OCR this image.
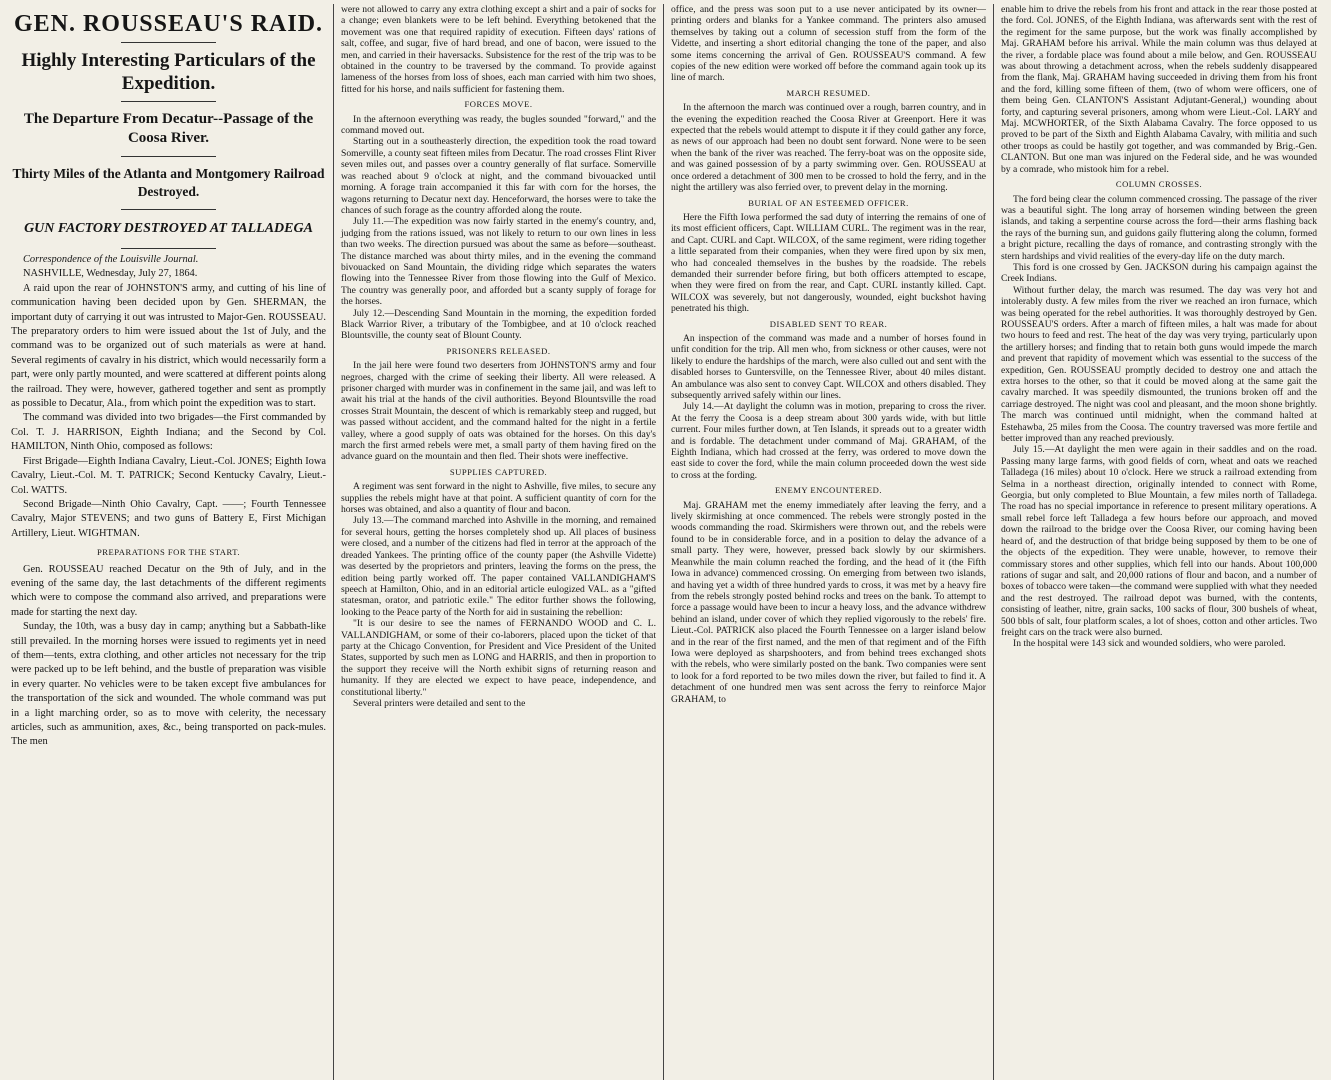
GEN. ROUSSEAU'S RAID.
Highly Interesting Particulars of the Expedition.
The Departure From Decatur--Passage of the Coosa River.
Thirty Miles of the Atlanta and Montgomery Railroad Destroyed.
GUN FACTORY DESTROYED AT TALLADEGA

Correspondence of the Louisville Journal.

NASHVILLE, Wednesday, July 27, 1864.

A raid upon the rear of JOHNSTON'S army, and cutting of his line of communication having been decided upon by Gen. SHERMAN, the important duty of carrying it out was intrusted to Major-Gen. ROUSSEAU. The preparatory orders to him were issued about the 1st of July, and the command was to be organized out of such materials as were at hand. Several regiments of cavalry in his district, which would necessarily form a part, were only partly mounted, and were scattered at different points along the railroad. They were, however, gathered together and sent as promptly as possible to Decatur, Ala., from which point the expedition was to start.

The command was divided into two brigades—the First commanded by Col. T. J. HARRISON, Eighth Indiana; and the Second by Col. HAMILTON, Ninth Ohio, composed as follows:

First Brigade—Eighth Indiana Cavalry, Lieut.-Col. JONES; Eighth Iowa Cavalry, Lieut.-Col. M. T. PATRICK; Second Kentucky Cavalry, Lieut.-Col. WATTS.

Second Brigade—Ninth Ohio Cavalry, Capt. ——; Fourth Tennessee Cavalry, Major STEVENS; and two guns of Battery E, First Michigan Artillery, Lieut. WIGHTMAN.

PREPARATIONS FOR THE START.

Gen. ROUSSEAU reached Decatur on the 9th of July, and in the evening of the same day, the last detachments of the different regiments which were to compose the command also arrived, and preparations were made for starting the next day.

Sunday, the 10th, was a busy day in camp; anything but a Sabbath-like still prevailed. In the morning horses were issued to regiments yet in need of them—tents, extra clothing, and other articles not necessary for the trip were packed up to be left behind, and the bustle of preparation was visible in every quarter. No vehicles were to be taken except five ambulances for the transportation of the sick and wounded. The whole command was put in a light marching order, so as to move with celerity, the necessary articles, such as ammunition, axes, &c., being transported on pack-mules. The men

were not allowed to carry any extra clothing except a shirt and a pair of socks for a change; even blankets were to be left behind. Everything betokened that the movement was one that required rapidity of execution. Fifteen days' rations of salt, coffee, and sugar, five of hard bread, and one of bacon, were issued to the men, and carried in their haversacks. Subsistence for the rest of the trip was to be obtained in the country to be traversed by the command. To provide against lameness of the horses from loss of shoes, each man carried with him two shoes, fitted for his horse, and nails sufficient for fastening them.

FORCES MOVE.

In the afternoon everything was ready, the bugles sounded "forward," and the command moved out.

Starting out in a southeasterly direction, the expedition took the road toward Somerville, a county seat fifteen miles from Decatur. The road crosses Flint River seven miles out, and passes over a country generally of flat surface. Somerville was reached about 9 o'clock at night, and the command bivouacked until morning. A forage train accompanied it this far with corn for the horses, the wagons returning to Decatur next day. Henceforward, the horses were to take the chances of such forage as the country afforded along the route.

July 11.—The expedition was now fairly started in the enemy's country, and, judging from the rations issued, was not likely to return to our own lines in less than two weeks. The direction pursued was about the same as before—southeast. The distance marched was about thirty miles, and in the evening the command bivouacked on Sand Mountain, the dividing ridge which separates the waters flowing into the Tennessee River from those flowing into the Gulf of Mexico. The country was generally poor, and afforded but a scanty supply of forage for the horses.

July 12.—Descending Sand Mountain in the morning, the expedition forded Black Warrior River, a tributary of the Tombigbee, and at 10 o'clock reached Blountsville, the county seat of Blount County.

PRISONERS RELEASED.

In the jail here were found two deserters from JOHNSTON'S army and four negroes, charged with the crime of seeking their liberty. All were released. A prisoner charged with murder was in confinement in the same jail, and was left to await his trial at the hands of the civil authorities. Beyond Blountsville the road crosses Strait Mountain, the descent of which is remarkably steep and rugged, but was passed without accident, and the command halted for the night in a fertile valley, where a good supply of oats was obtained for the horses. On this day's march the first armed rebels were met, a small party of them having fired on the advance guard on the mountain and then fled. Their shots were ineffective.

SUPPLIES CAPTURED.

A regiment was sent forward in the night to Ashville, five miles, to secure any supplies the rebels might have at that point. A sufficient quantity of corn for the horses was obtained, and also a quantity of flour and bacon.

July 13.—The command marched into Ashville in the morning, and remained for several hours, getting the horses completely shod up. All places of business were closed, and a number of the citizens had fled in terror at the approach of the dreaded Yankees. The printing office of the county paper (the Ashville Vidette) was deserted by the proprietors and printers, leaving the forms on the press, the edition being partly worked off. The paper contained VALLANDIGHAM'S speech at Hamilton, Ohio, and in an editorial article eulogized VAL. as a "gifted statesman, orator, and patriotic exile." The editor further shows the following, looking to the Peace party of the North for aid in sustaining the rebellion:

"It is our desire to see the names of FERNANDO WOOD and C. L. VALLANDIGHAM, or some of their co-laborers, placed upon the ticket of that party at the Chicago Convention, for President and Vice President of the United States, supported by such men as LONG and HARRIS, and then in proportion to the support they receive will the North exhibit signs of returning reason and humanity. If they are elected we expect to have peace, independence, and constitutional liberty."

Several printers were detailed and sent to the

office, and the press was soon put to a use never anticipated by its owner—printing orders and blanks for a Yankee command. The printers also amused themselves by taking out a column of secession stuff from the form of the Vidette, and inserting a short editorial changing the tone of the paper, and also some items concerning the arrival of Gen. ROUSSEAU'S command. A few copies of the new edition were worked off before the command again took up its line of march.

MARCH RESUMED.

In the afternoon the march was continued over a rough, barren country, and in the evening the expedition reached the Coosa River at Greenport. Here it was expected that the rebels would attempt to dispute it if they could gather any force, as news of our approach had been no doubt sent forward. None were to be seen when the bank of the river was reached. The ferry-boat was on the opposite side, and was gained possession of by a party swimming over. Gen. ROUSSEAU at once ordered a detachment of 300 men to be crossed to hold the ferry, and in the night the artillery was also ferried over, to prevent delay in the morning.

BURIAL OF AN ESTEEMED OFFICER.

Here the Fifth Iowa performed the sad duty of interring the remains of one of its most efficient officers, Capt. WILLIAM CURL. The regiment was in the rear, and Capt. CURL and Capt. WILCOX, of the same regiment, were riding together a little separated from their companies, when they were fired upon by six men, who had concealed themselves in the bushes by the roadside. The rebels demanded their surrender before firing, but both officers attempted to escape, when they were fired on from the rear, and Capt. CURL instantly killed. Capt. WILCOX was severely, but not dangerously, wounded, eight buckshot having penetrated his thigh.

DISABLED SENT TO REAR.

An inspection of the command was made and a number of horses found in unfit condition for the trip. All men who, from sickness or other causes, were not likely to endure the hardships of the march, were also culled out and sent with the disabled horses to Guntersville, on the Tennessee River, about 40 miles distant. An ambulance was also sent to convey Capt. WILCOX and others disabled. They subsequently arrived safely within our lines.

July 14.—At daylight the column was in motion, preparing to cross the river. At the ferry the Coosa is a deep stream about 300 yards wide, with but little current. Four miles further down, at Ten Islands, it spreads out to a greater width and is fordable. The detachment under command of Maj. GRAHAM, of the Eighth Indiana, which had crossed at the ferry, was ordered to move down the east side to cover the ford, while the main column proceeded down the west side to cross at the fording.

ENEMY ENCOUNTERED.

Maj. GRAHAM met the enemy immediately after leaving the ferry, and a lively skirmishing at once commenced. The rebels were strongly posted in the woods commanding the road. Skirmishers were thrown out, and the rebels were found to be in considerable force, and in a position to delay the advance of a small party. They were, however, pressed back slowly by our skirmishers. Meanwhile the main column reached the fording, and the head of it (the Fifth Iowa in advance) commenced crossing. On emerging from between two islands, and having yet a width of three hundred yards to cross, it was met by a heavy fire from the rebels strongly posted behind rocks and trees on the bank. To attempt to force a passage would have been to incur a heavy loss, and the advance withdrew behind an island, under cover of which they replied vigorously to the rebels' fire. Lieut.-Col. PATRICK also placed the Fourth Tennessee on a larger island below and in the rear of the first named, and the men of that regiment and of the Fifth Iowa were deployed as sharpshooters, and from behind trees exchanged shots with the rebels, who were similarly posted on the bank. Two companies were sent to look for a ford reported to be two miles down the river, but failed to find it. A detachment of one hundred men was sent across the ferry to reinforce Major GRAHAM, to

enable him to drive the rebels from his front and attack in the rear those posted at the ford. Col. JONES, of the Eighth Indiana, was afterwards sent with the rest of the regiment for the same purpose, but the work was finally accomplished by Maj. GRAHAM before his arrival. While the main column was thus delayed at the river, a fordable place was found about a mile below, and Gen. ROUSSEAU was about throwing a detachment across, when the rebels suddenly disappeared from the flank, Maj. GRAHAM having succeeded in driving them from his front and the ford, killing some fifteen of them, (two of whom were officers, one of them being Gen. CLANTON'S Assistant Adjutant-General,) wounding about forty, and capturing several prisoners, among whom were Lieut.-Col. LARY and Maj. MCWHORTER, of the Sixth Alabama Cavalry. The force opposed to us proved to be part of the Sixth and Eighth Alabama Cavalry, with militia and such other troops as could be hastily got together, and was commanded by Brig.-Gen. CLANTON. But one man was injured on the Federal side, and he was wounded by a comrade, who mistook him for a rebel.

COLUMN CROSSES.

The ford being clear the column commenced crossing. The passage of the river was a beautiful sight. The long array of horsemen winding between the green islands, and taking a serpentine course across the ford—their arms flashing back the rays of the burning sun, and guidons gaily fluttering along the column, formed a bright picture, recalling the days of romance, and contrasting strongly with the stern hardships and vivid realities of the every-day life on the duty march.

This ford is one crossed by Gen. JACKSON during his campaign against the Creek Indians.

Without further delay, the march was resumed. The day was very hot and intolerably dusty. A few miles from the river we reached an iron furnace, which was being operated for the rebel authorities. It was thoroughly destroyed by Gen. ROUSSEAU'S orders. After a march of fifteen miles, a halt was made for about two hours to feed and rest. The heat of the day was very trying, particularly upon the artillery horses; and finding that to retain both guns would impede the march and prevent that rapidity of movement which was essential to the success of the expedition, Gen. ROUSSEAU promptly decided to destroy one and attach the extra horses to the other, so that it could be moved along at the same gait the cavalry marched. It was speedily dismounted, the trunions broken off and the carriage destroyed. The night was cool and pleasant, and the moon shone brightly. The march was continued until midnight, when the command halted at Estehawba, 25 miles from the Coosa. The country traversed was more fertile and better improved than any reached previously.

July 15.—At daylight the men were again in their saddles and on the road. Passing many large farms, with good fields of corn, wheat and oats we reached Talladega (16 miles) about 10 o'clock. Here we struck a railroad extending from Selma in a northeast direction, originally intended to connect with Rome, Georgia, but only completed to Blue Mountain, a few miles north of Talladega. The road has no special importance in reference to present military operations. A small rebel force left Talladega a few hours before our approach, and moved down the railroad to the bridge over the Coosa River, our coming having been heard of, and the destruction of that bridge being supposed by them to be one of the objects of the expedition. They were unable, however, to remove their commissary stores and other supplies, which fell into our hands. About 100,000 rations of sugar and salt, and 20,000 rations of flour and bacon, and a number of boxes of tobacco were taken—the command were supplied with what they needed and the rest destroyed. The railroad depot was burned, with the contents, consisting of leather, nitre, grain sacks, 100 sacks of flour, 300 bushels of wheat, 500 bbls of salt, four platform scales, a lot of shoes, cotton and other articles. Two freight cars on the track were also burned.

In the hospital were 143 sick and wounded soldiers, who were paroled.
